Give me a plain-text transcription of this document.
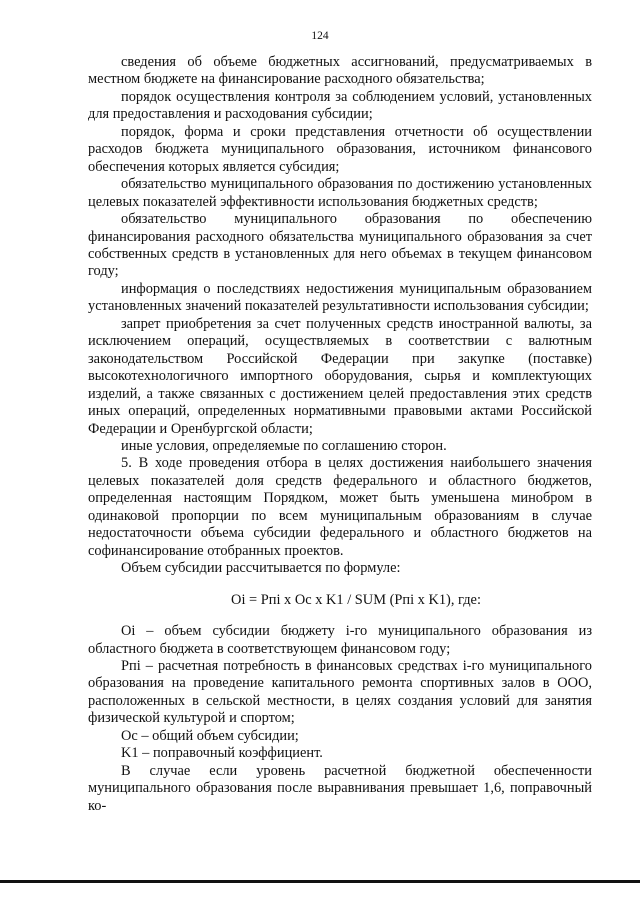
124

сведения об объеме бюджетных ассигнований, предусматриваемых в местном бюджете на финансирование расходного обязательства;

порядок осуществления контроля за соблюдением условий, установленных для предоставления и расходования субсидии;

порядок, форма и сроки представления отчетности об осуществлении расходов бюджета муниципального образования, источником финансового обеспечения которых является субсидия;

обязательство муниципального образования по достижению установленных целевых показателей эффективности использования бюджетных средств;

обязательство муниципального образования по обеспечению финансирования расходного обязательства муниципального образования за счет собственных средств в установленных для него объемах в текущем финансовом году;

информация о последствиях недостижения муниципальным образованием установленных значений показателей результативности использования субсидии;

запрет приобретения за счет полученных средств иностранной валюты, за исключением операций, осуществляемых в соответствии с валютным законодательством Российской Федерации при закупке (поставке) высокотехнологичного импортного оборудования, сырья и комплектующих изделий, а также связанных с достижением целей предоставления этих средств иных операций, определенных нормативными правовыми актами Российской Федерации и Оренбургской области;

иные условия, определяемые по соглашению сторон.

5. В ходе проведения отбора в целях достижения наибольшего значения целевых показателей доля средств федерального и областного бюджетов, определенная настоящим Порядком, может быть уменьшена минобром в одинаковой пропорции по всем муниципальным образованиям в случае недостаточности объема субсидии федерального и областного бюджетов на софинансирование отобранных проектов.

Объем субсидии рассчитывается по формуле:

Oi = Pпi x Oc x K1 / SUM (Pпi x K1), где:

Oi – объем субсидии бюджету i-го муниципального образования из областного бюджета в соответствующем финансовом году;

Pпi – расчетная потребность в финансовых средствах i-го муниципального образования на проведение капитального ремонта спортивных залов в ООО, расположенных в сельской местности, в целях создания условий для занятия физической культурой и спортом;

Oc – общий объем субсидии;

K1 – поправочный коэффициент.

В случае если уровень расчетной бюджетной обеспеченности муниципального образования после выравнивания превышает 1,6, поправочный ко-
